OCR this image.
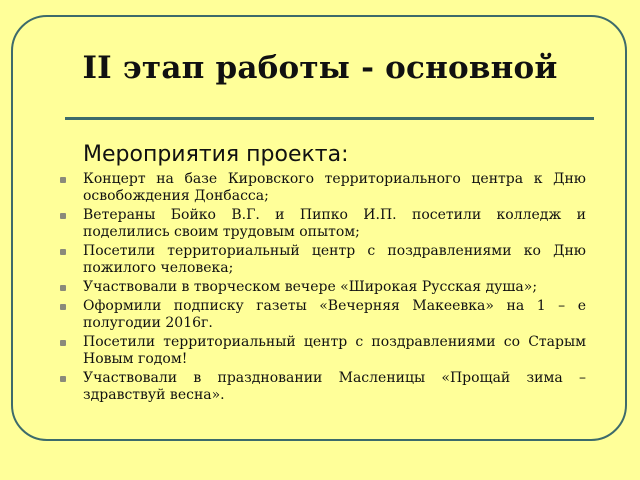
II этап работы - основной
Мероприятия проекта:
Концерт на базе Кировского территориального центра к Дню освобождения Донбасса;
Ветераны Бойко В.Г. и Пипко И.П. посетили колледж и поделились своим трудовым опытом;
Посетили территориальный центр с поздравлениями ко Дню пожилого человека;
Участвовали в творческом вечере «Широкая Русская душа»;
Оформили подписку газеты «Вечерняя Макеевка» на 1 – е полугодии 2016г.
Посетили территориальный центр с поздравлениями со Старым Новым годом!
Участвовали в праздновании Масленицы «Прощай зима – здравствуй весна».
